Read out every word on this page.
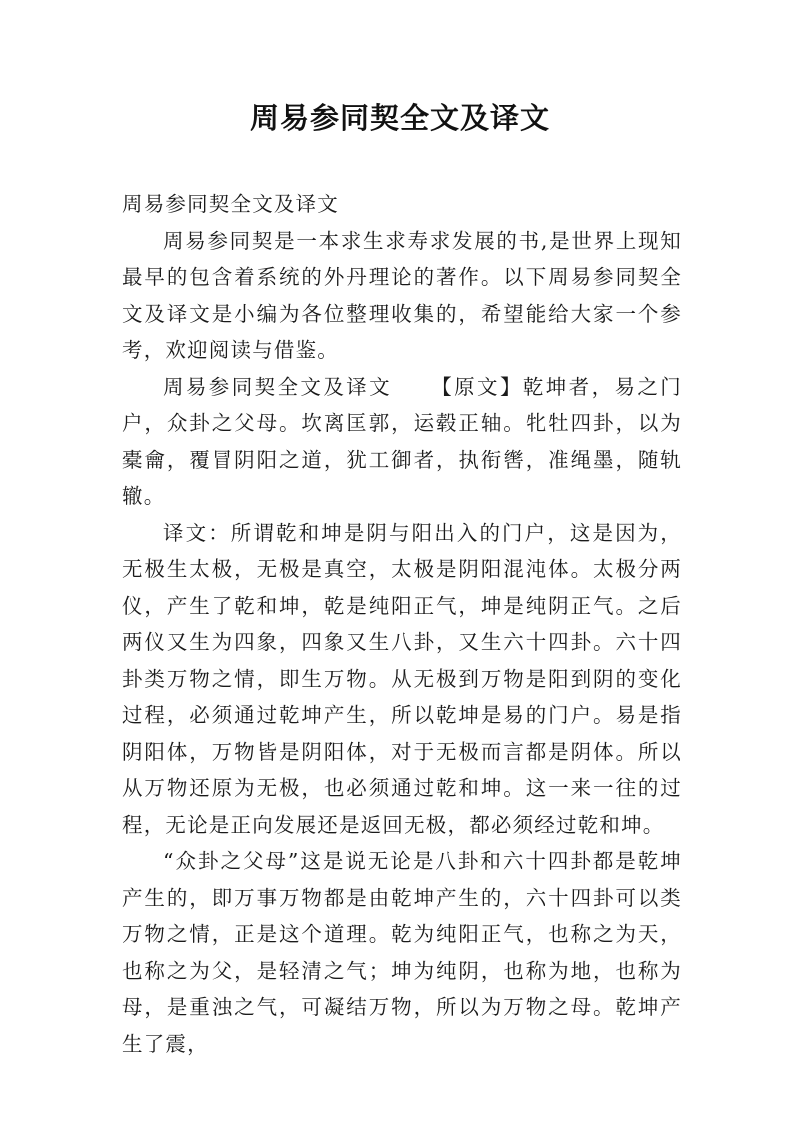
周易参同契全文及译文

周易参同契全文及译文

周易参同契是一本求生求寿求发展的书,是世界上现知最早的包含着系统的外丹理论的著作。以下周易参同契全文及译文是小编为各位整理收集的，希望能给大家一个参考，欢迎阅读与借鉴。

周易参同契全文及译文 【原文】乾坤者，易之门户，众卦之父母。坎离匡郭，运毂正轴。牝牡四卦，以为橐龠，覆冒阴阳之道，犹工御者，执衔辔，准绳墨，随轨辙。

译文：所谓乾和坤是阴与阳出入的门户，这是因为，无极生太极，无极是真空，太极是阴阳混沌体。太极分两仪，产生了乾和坤，乾是纯阳正气，坤是纯阴正气。之后两仪又生为四象，四象又生八卦，又生六十四卦。六十四卦类万物之情，即生万物。从无极到万物是阳到阴的变化过程，必须通过乾坤产生，所以乾坤是易的门户。易是指阴阳体，万物皆是阴阳体，对于无极而言都是阴体。所以从万物还原为无极，也必须通过乾和坤。这一来一往的过程，无论是正向发展还是返回无极，都必须经过乾和坤。

“众卦之父母”这是说无论是八卦和六十四卦都是乾坤产生的，即万事万物都是由乾坤产生的，六十四卦可以类万物之情，正是这个道理。乾为纯阳正气，也称之为天，也称之为父，是轻清之气；坤为纯阴，也称为地，也称为母，是重浊之气，可凝结万物，所以为万物之母。乾坤产生了震，
